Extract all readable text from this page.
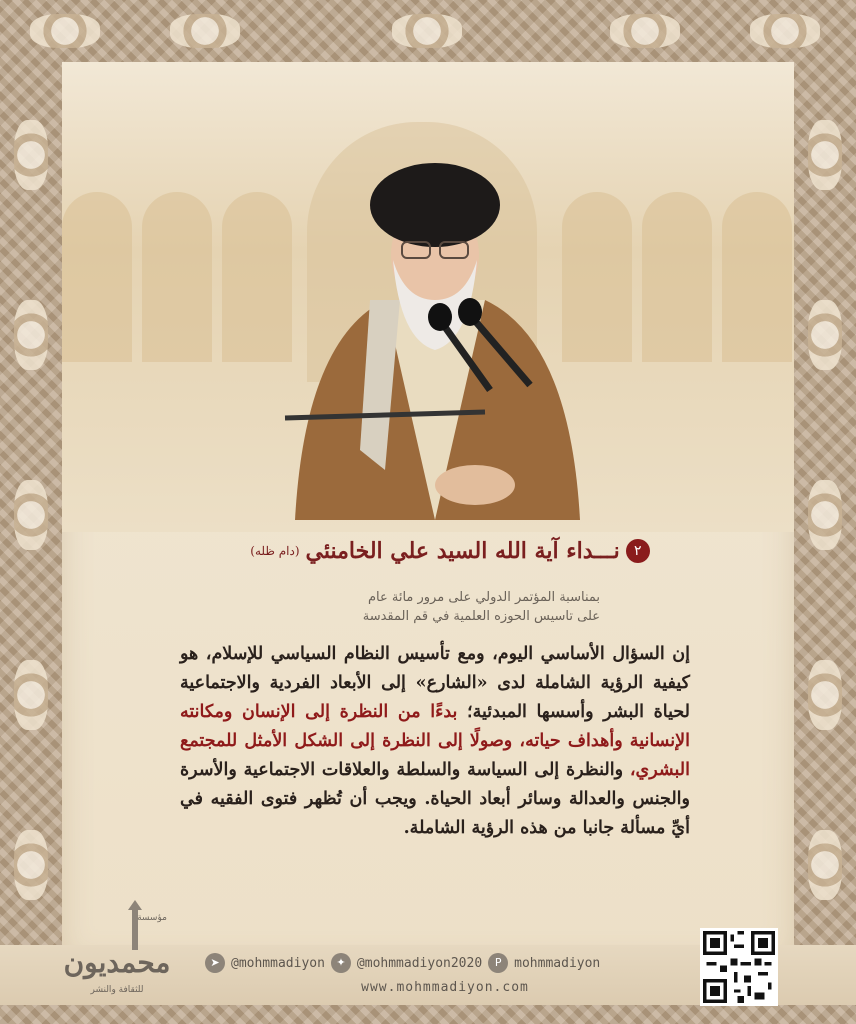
٢نـــداء آية الله السيد علي الخامنئي(دام ظله)
بمناسبة المؤتمر الدولي على مرور مائة عام
على تاسيس الحوزه العلمية في قم المقدسة
إن السؤال الأساسي اليوم، ومع تأسيس النظام السياسي للإسلام، هو كيفية الرؤية الشاملة لدى «الشارع» إلى الأبعاد الفردية والاجتماعية لحياة البشر وأسسها المبدئية؛ بدءًا من النظرة إلى الإنسان ومكانته الإنسانية وأهداف حياته، وصولًا إلى النظرة إلى الشكل الأمثل للمجتمع البشري، والنظرة إلى السياسة والسلطة والعلاقات الاجتماعية والأسرة والجنس والعدالة وسائر أبعاد الحياة. ويجب أن تُظهر فتوى الفقيه في أيِّ مسألة جانبا من هذه الرؤية الشاملة.
مؤسسة
محمديون
للثقافة والنشر
➤ @mohmmadiyon	✦ @mohmmadiyon2020	P mohmmadiyon
www.mohmmadiyon.com
